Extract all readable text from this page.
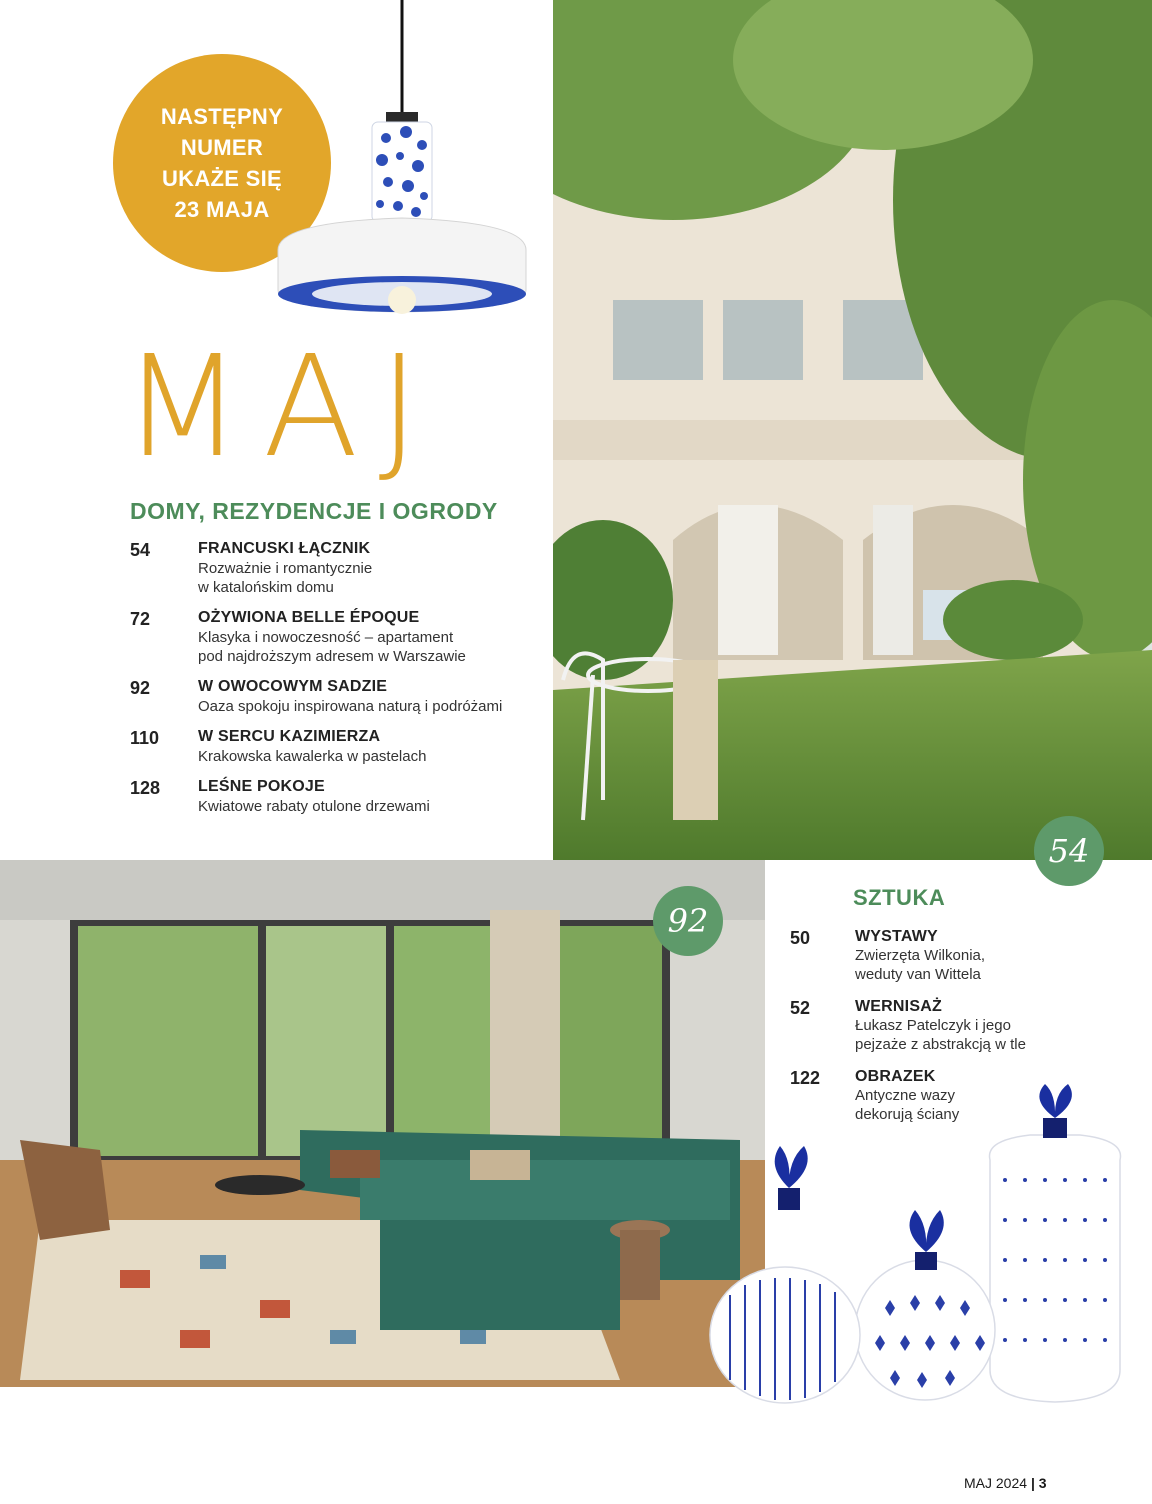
NASTĘPNY
NUMER
UKAŻE SIĘ
23 MAJA
MAJ
DOMY, REZYDENCJE I OGRODY
54	FRANCUSKI ŁĄCZNIK
Rozważnie i romantycznie
w katalońskim domu
72	OŻYWIONA BELLE ÉPOQUE
Klasyka i nowoczesność – apartament
pod najdroższym adresem w Warszawie
92	W OWOCOWYM SADZIE
Oaza spokoju inspirowana naturą i podróżami
110 W SERCU KAZIMIERZA
Krakowska kawalerka w pastelach
128 LEŚNE POKOJE
Kwiatowe rabaty otulone drzewami
54
92
SZTUKA
50	WYSTAWY
Zwierzęta Wilkonia,
weduty van Wittela
52	WERNISAŻ
Łukasz Patelczyk i jego
pejzaże z abstrakcją w tle
122 OBRAZEK
Antyczne wazy
dekorują ściany
MAJ 2024 | 3
